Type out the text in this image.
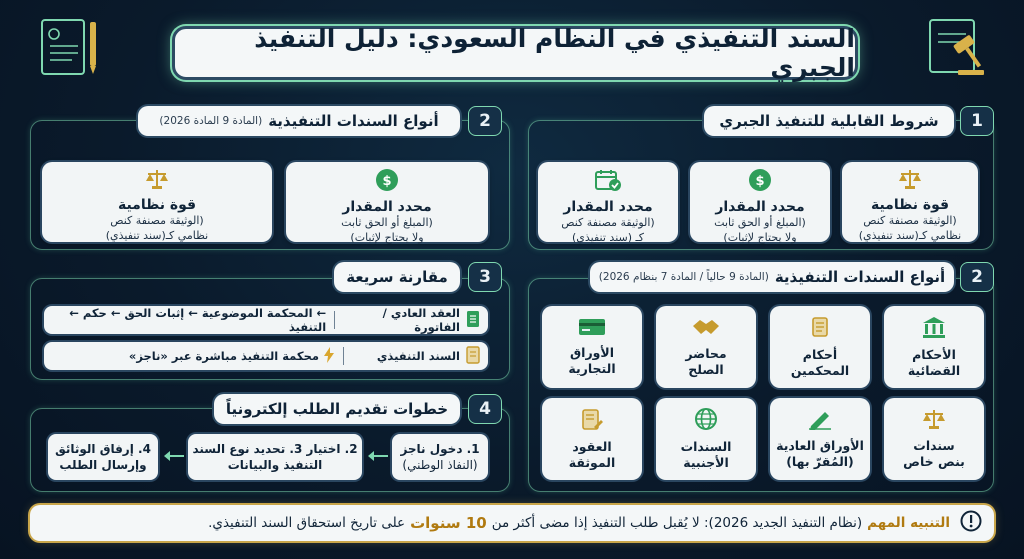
السند التنفيذي في النظام السعودي: دليل التنفيذ الجبري
1
شروط القابلية للتنفيذ الجبري
قوة نظامية
(الوثيقة مصنفة كنص
نظامي كـ(سند تنفيذي)
$
محدد المقدار
(المبلغ أو الحق ثابت
ولا يحتاج لإثبات)
محدد المقدار
(الوثيقة مصنفة كنص
كـ (سند تنفيذي)
2
أنواع السندات التنفيذية
(المادة 9 المادة 2026)
$
محدد المقدار
(المبلغ أو الحق ثابت
ولا يحتاج لإثبات)
قوة نظامية
(الوثيقة مصنفة كنص
نظامي كـ(سند تنفيذي)
2
أنواع السندات التنفيذية
(المادة 9 حالياً / المادة 7 بنظام 2026)
الأحكام
القضائية
أحكام
المحكمين
محاضر
الصلح
الأوراق
التجارية
سندات
بنص خاص
الأوراق العادية
(المُقرّ بها)
السندات
الأجنبية
العقود
الموثقة
3
مقارنة سريعة
العقد العادي / الفاتورة
← المحكمة الموضوعية ← إثبات الحق ← حكم ← التنفيذ
السند التنفيذي
محكمة التنفيذ مباشرة عبر «ناجز»
4
خطوات تقديم الطلب إلكترونياً
1. دخول ناجز
(النفاذ الوطني)
2. اختيار 3. تحديد نوع السند
التنفيذ والبيانات
4. إرفاق الوثائق
وإرسال الطلب
التنبيه المهم
(نظام التنفيذ الجديد 2026): لا يُقبل طلب التنفيذ إذا مضى أكثر من
10 سنوات
على تاريخ استحقاق السند التنفيذي.
